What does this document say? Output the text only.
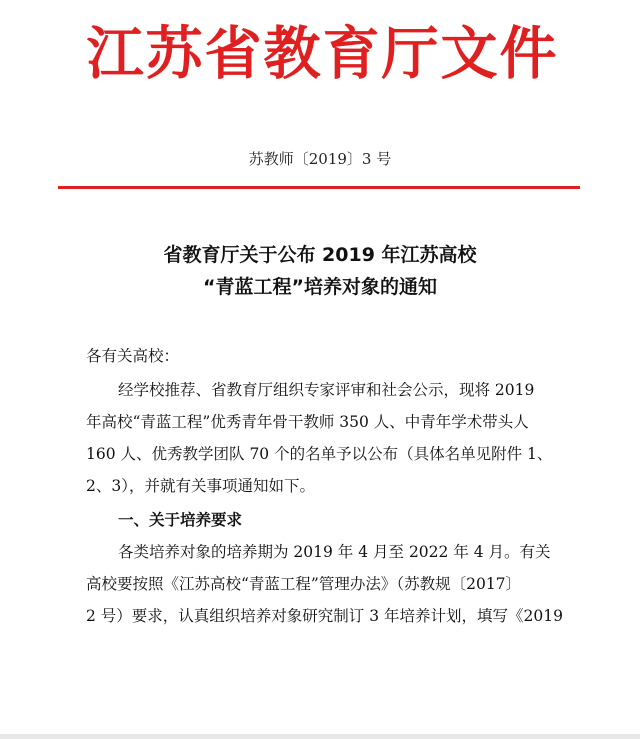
江苏省教育厅文件
苏教师〔2019〕3 号
省教育厅关于公布 2019 年江苏高校
“青蓝工程”培养对象的通知
各有关高校：
经学校推荐、省教育厅组织专家评审和社会公示，现将 2019
年高校“青蓝工程”优秀青年骨干教师 350 人、中青年学术带头人
160 人、优秀教学团队 70 个的名单予以公布（具体名单见附件 1、
2、3），并就有关事项通知如下。
一、关于培养要求
各类培养对象的培养期为 2019 年 4 月至 2022 年 4 月。有关
高校要按照《江苏高校“青蓝工程”管理办法》（苏教规〔2017〕
2 号）要求，认真组织培养对象研究制订 3 年培养计划，填写《2019
